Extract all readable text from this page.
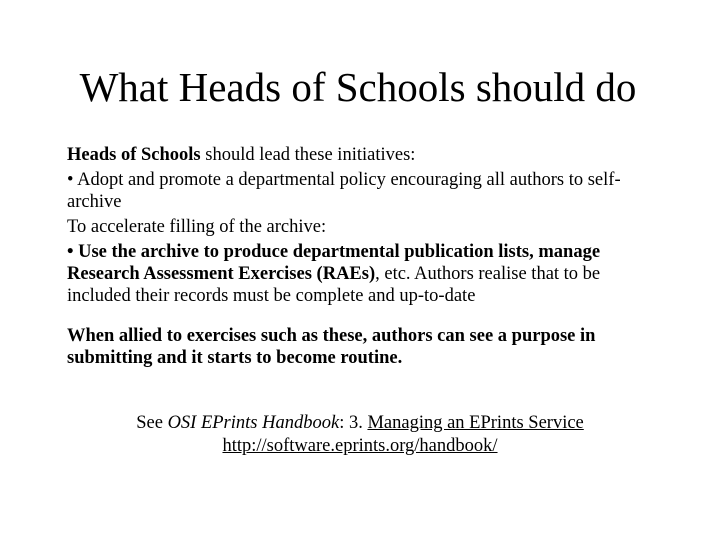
What Heads of Schools should do

Heads of Schools should lead these initiatives:

• Adopt and promote a departmental policy encouraging all authors to self-archive

To accelerate filling of the archive:

• Use the archive to produce departmental publication lists, manage Research Assessment Exercises (RAEs), etc. Authors realise that to be included their records must be complete and up-to-date

When allied to exercises such as these, authors can see a purpose in submitting and it starts to become routine.

See OSI EPrints Handbook: 3. Managing an EPrints Service
http://software.eprints.org/handbook/
